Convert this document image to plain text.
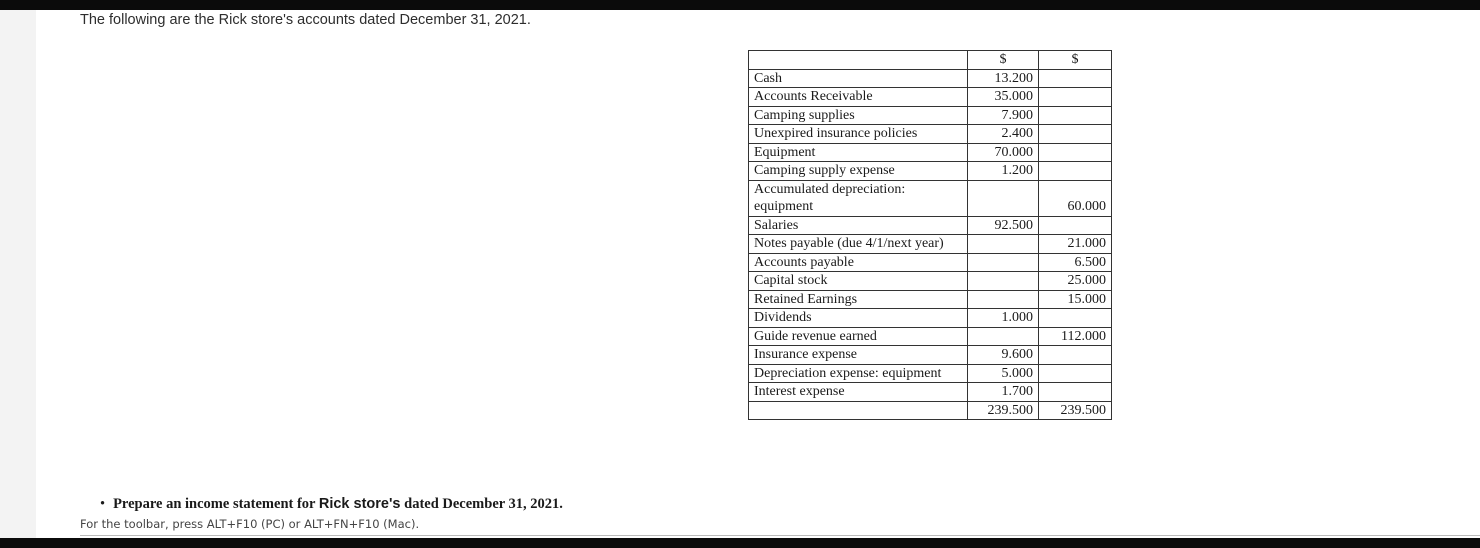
The following are the Rick store's accounts dated December 31, 2021.
	$	$
Cash	13.200	
Accounts Receivable	35.000	
Camping supplies	7.900	
Unexpired insurance policies	2.400	
Equipment	70.000	
Camping supply expense	1.200	
Accumulated depreciation: equipment		60.000
Salaries	92.500	
Notes payable (due 4/1/next year)		21.000
Accounts payable		6.500
Capital stock		25.000
Retained Earnings		15.000
Dividends	1.000	
Guide revenue earned		112.000
Insurance expense	9.600	
Depreciation expense: equipment	5.000	
Interest expense	1.700	
	239.500	239.500
• Prepare an income statement for Rick store's dated December 31, 2021.
For the toolbar, press ALT+F10 (PC) or ALT+FN+F10 (Mac).
